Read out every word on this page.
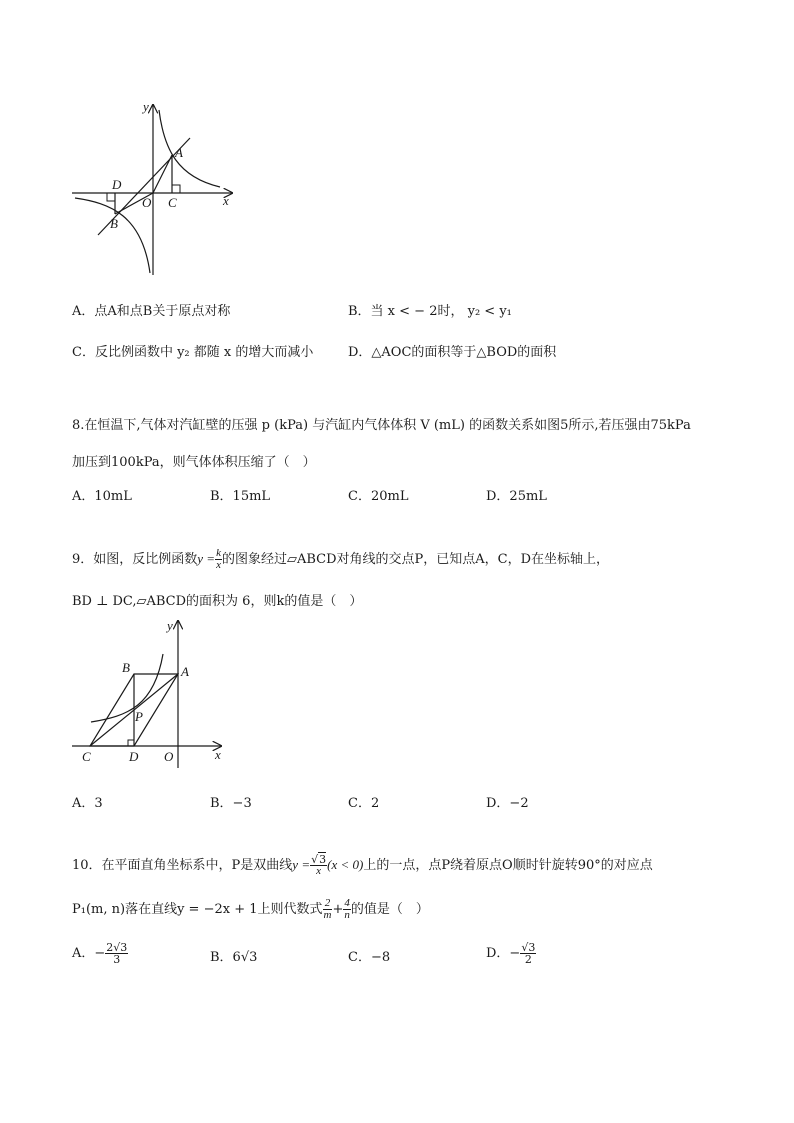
y
x
A
C
O
D
B
A．点A和点B关于原点对称	B．当 x < − 2时， y₂ < y₁
C．反比例函数中 y₂ 都随 x 的增大而减小	D．△AOC的面积等于△BOD的面积
8.在恒温下,气体对汽缸壁的压强 p (kPa) 与汽缸内气体体积 V (mL) 的函数关系如图5所示,若压强由75kPa
加压到100kPa，则气体体积压缩了（　）
A．10mL	B．15mL	C．20mL	D．25mL
9．如图，反比例函数$y = \frac{k}{x}$ 的图象经过▱ABCD对角线的交点P，已知点A，C，D在坐标轴上，
BD ⊥ DC,▱ABCD的面积为 6，则k的值是（　）
y
x
B	A
P
C	D O
A．3	B．−3	C．2	D．−2
10．在平面直角坐标系中，P是双曲线$y = \frac{√3}{x} (x < 0)$上的一点，点P绕着原点O顺时针旋转90°的对应点
P₁(m, n)落在直线y = −2x + 1上则代数式 $\frac{2}{m} + \frac{4}{n}$ 的值是（　）
A．− $\frac{2√3}{3}$	B．6√3	C．−8	D．− $\frac{√3}{2}$
